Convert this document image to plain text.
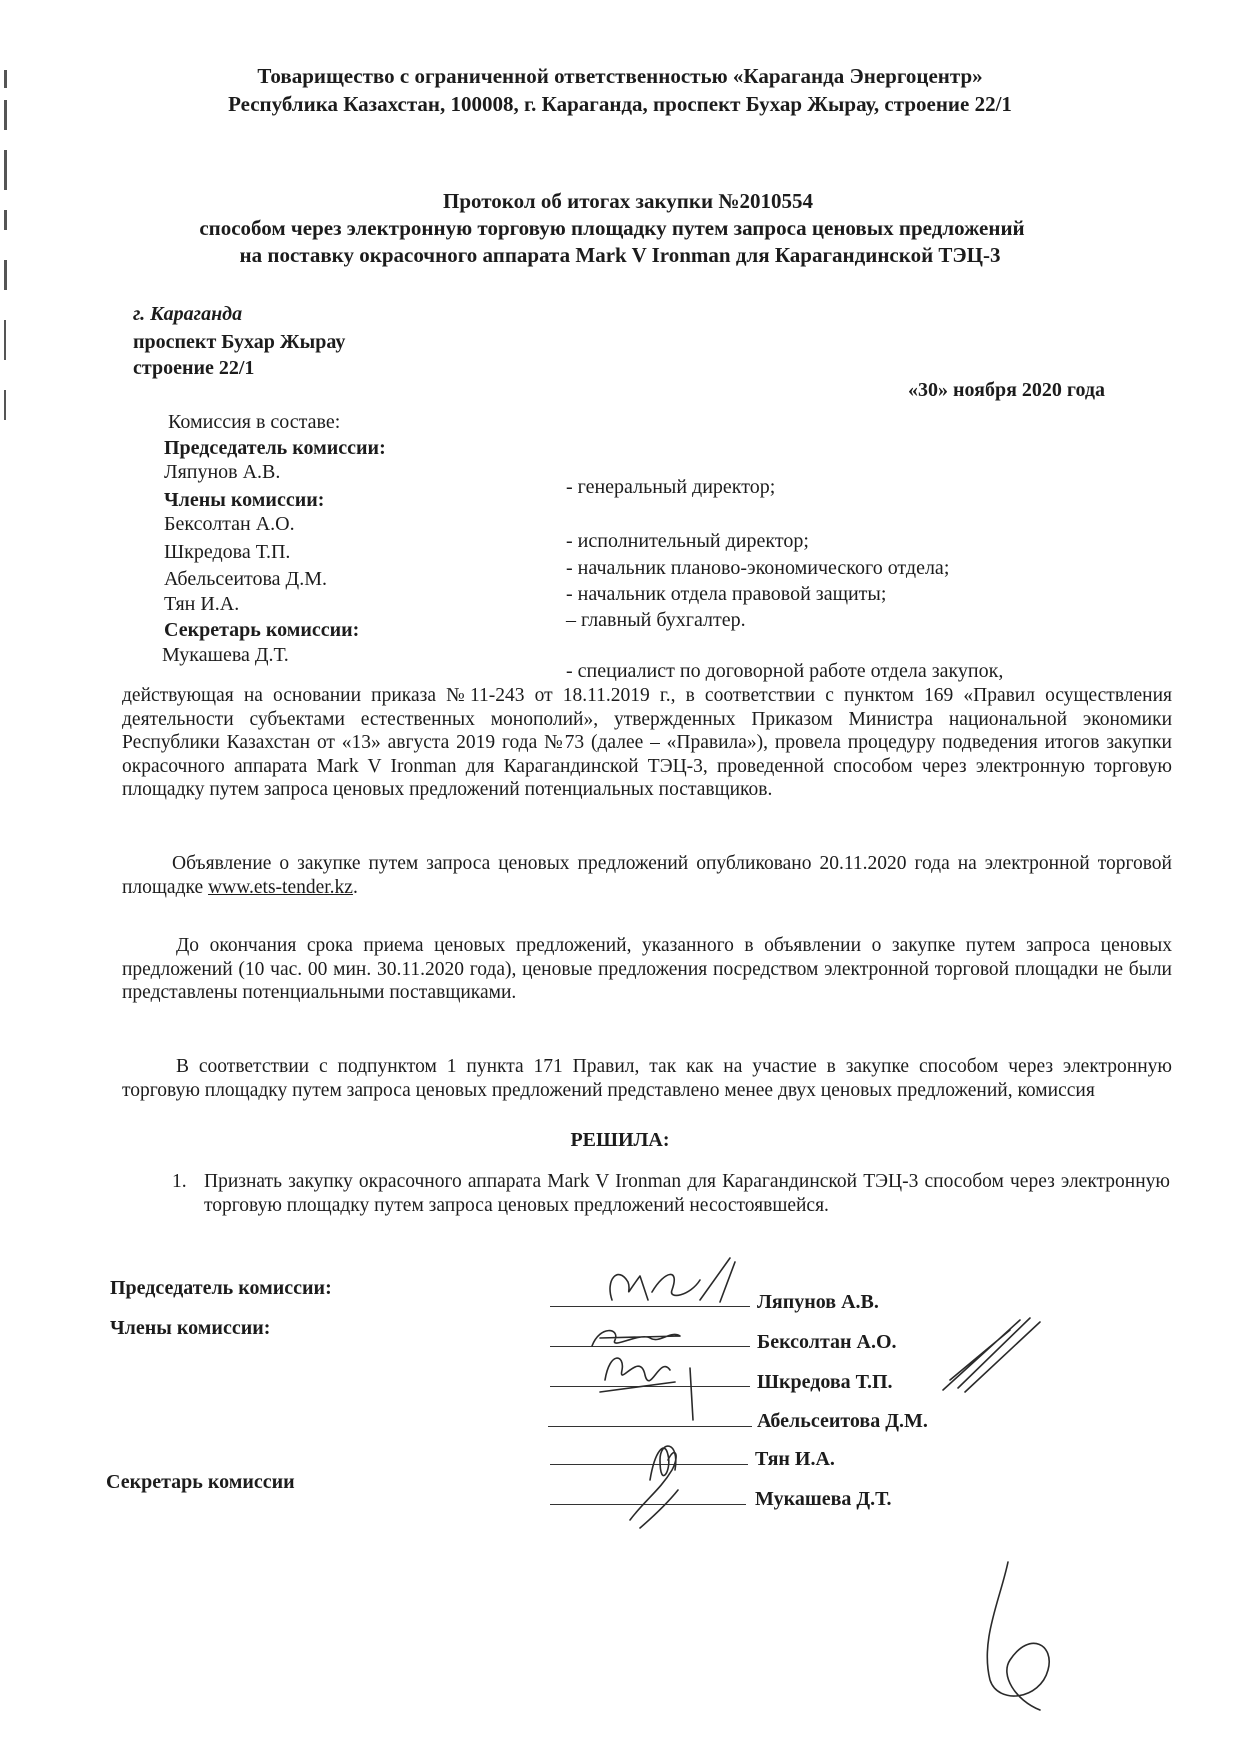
Товарищество с ограниченной ответственностью «Караганда Энергоцентр»
Республика Казахстан, 100008, г. Караганда, проспект Бухар Жырау, строение 22/1
Протокол об итогах закупки №2010554
способом через электронную торговую площадку путем запроса ценовых предложений
на поставку окрасочного аппарата Mark V Ironman для Карагандинской ТЭЦ-3
г. Караганда
проспект Бухар Жырау
строение 22/1
«30» ноября 2020 года
Комиссия в составе:
Председатель комиссии:
Ляпунов А.В.
- генеральный директор;
Члены комиссии:
Бексолтан А.О.
- исполнительный директор;
Шкредова Т.П.
- начальник планово-экономического отдела;
Абельсеитова Д.М.
- начальник отдела правовой защиты;
Тян И.А.
– главный бухгалтер.
Секретарь комиссии:
Мукашева Д.Т.
- специалист по договорной работе отдела закупок,
действующая на основании приказа №11-243 от 18.11.2019 г., в соответствии с пунктом 169 «Правил осуществления деятельности субъектами естественных монополий», утвержденных Приказом Министра национальной экономики Республики Казахстан от «13» августа 2019 года №73 (далее – «Правила»), провела процедуру подведения итогов закупки окрасочного аппарата Mark V Ironman для Карагандинской ТЭЦ-3, проведенной способом через электронную торговую площадку путем запроса ценовых предложений потенциальных поставщиков.
Объявление о закупке путем запроса ценовых предложений опубликовано 20.11.2020 года на электронной торговой площадке www.ets-tender.kz.
До окончания срока приема ценовых предложений, указанного в объявлении о закупке путем запроса ценовых предложений (10 час. 00 мин. 30.11.2020 года), ценовые предложения посредством электронной торговой площадки не были представлены потенциальными поставщиками.
В соответствии с подпунктом 1 пункта 171 Правил, так как на участие в закупке способом через электронную торговую площадку путем запроса ценовых предложений представлено менее двух ценовых предложений, комиссия
РЕШИЛА:
1. Признать закупку окрасочного аппарата Mark V Ironman для Карагандинской ТЭЦ-3 способом через электронную торговую площадку путем запроса ценовых предложений несостоявшейся.
Председатель комиссии:
Члены комиссии:
Секретарь комиссии
Ляпунов А.В.
Бексолтан А.О.
Шкредова Т.П.
Абельсеитова Д.М.
Тян И.А.
Мукашева Д.Т.
